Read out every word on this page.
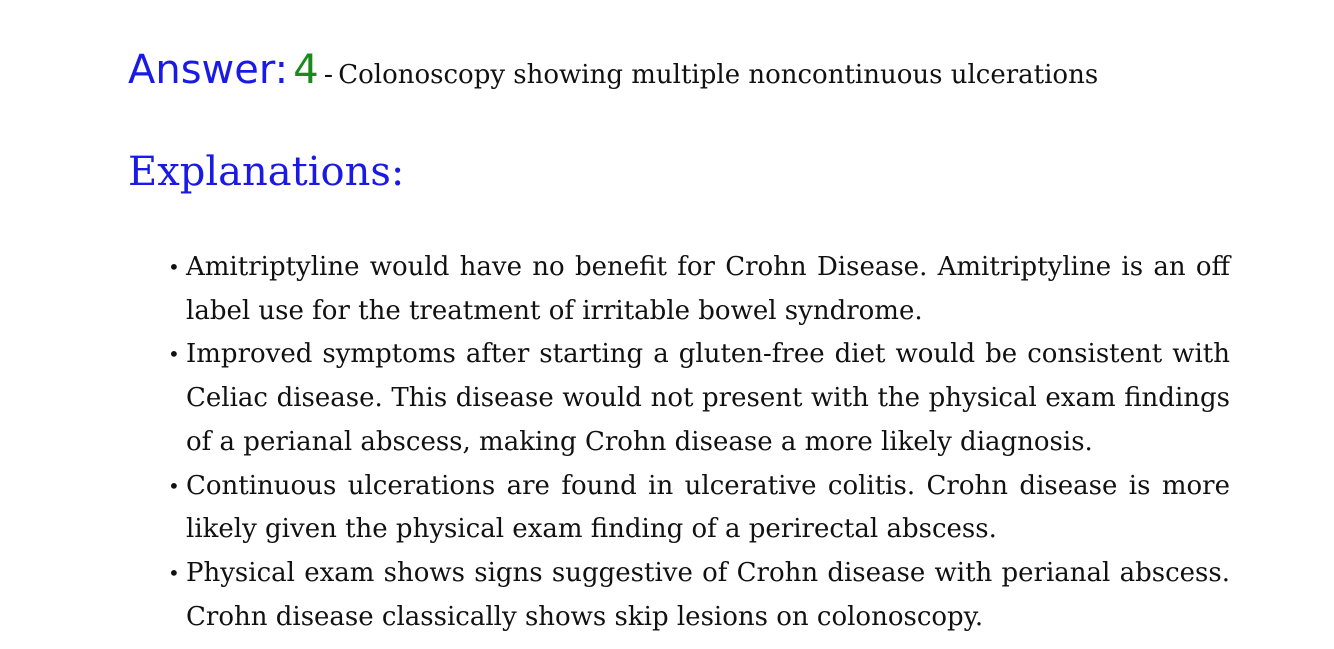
Answer: 4 - Colonoscopy showing multiple noncontinuous ulcerations
Explanations:
• Amitriptyline would have no benefit for Crohn Disease. Amitriptyline is an off label use for the treatment of irritable bowel syndrome.
• Improved symptoms after starting a gluten-free diet would be consistent with Celiac disease. This disease would not present with the physical exam findings of a perianal abscess, making Crohn disease a more likely diagnosis.
• Continuous ulcerations are found in ulcerative colitis. Crohn disease is more likely given the physical exam finding of a perirectal abscess.
• Physical exam shows signs suggestive of Crohn disease with perianal abscess. Crohn disease classically shows skip lesions on colonoscopy.
